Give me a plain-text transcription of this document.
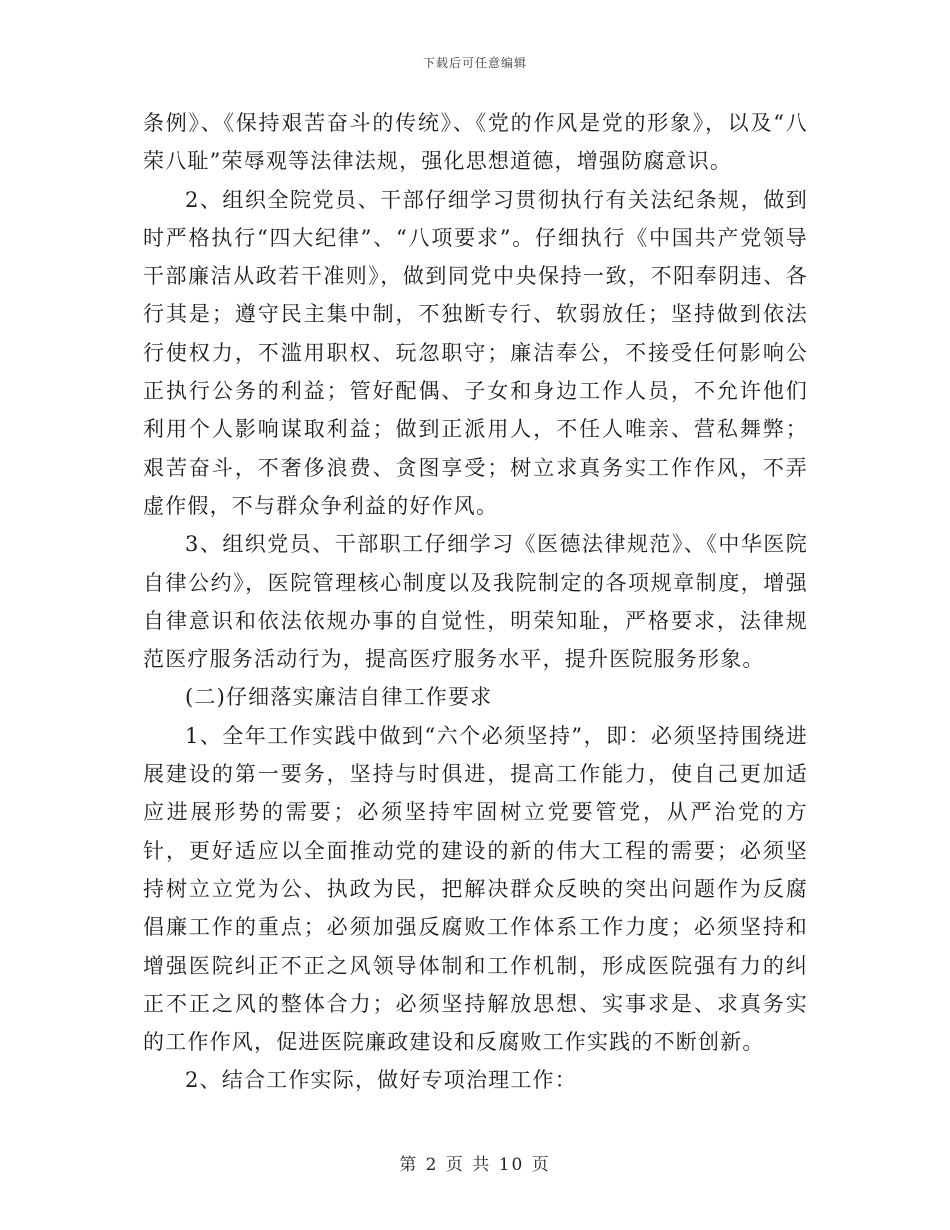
下载后可任意编辑

条例》、《保持艰苦奋斗的传统》、《党的作风是党的形象》，以及“八荣八耻”荣辱观等法律法规，强化思想道德，增强防腐意识。

2、组织全院党员、干部仔细学习贯彻执行有关法纪条规，做到时严格执行“四大纪律”、“八项要求”。仔细执行《中国共产党领导干部廉洁从政若干准则》，做到同党中央保持一致，不阳奉阴违、各行其是；遵守民主集中制，不独断专行、软弱放任；坚持做到依法行使权力，不滥用职权、玩忽职守；廉洁奉公，不接受任何影响公正执行公务的利益；管好配偶、子女和身边工作人员，不允许他们利用个人影响谋取利益；做到正派用人，不任人唯亲、营私舞弊；艰苦奋斗，不奢侈浪费、贪图享受；树立求真务实工作作风，不弄虚作假，不与群众争利益的好作风。

3、组织党员、干部职工仔细学习《医德法律规范》、《中华医院自律公约》，医院管理核心制度以及我院制定的各项规章制度，增强自律意识和依法依规办事的自觉性，明荣知耻，严格要求，法律规范医疗服务活动行为，提高医疗服务水平，提升医院服务形象。

(二)仔细落实廉洁自律工作要求

1、全年工作实践中做到“六个必须坚持”，即：必须坚持围绕进展建设的第一要务，坚持与时俱进，提高工作能力，使自己更加适应进展形势的需要；必须坚持牢固树立党要管党，从严治党的方针，更好适应以全面推动党的建设的新的伟大工程的需要；必须坚持树立立党为公、执政为民，把解决群众反映的突出问题作为反腐倡廉工作的重点；必须加强反腐败工作体系工作力度；必须坚持和增强医院纠正不正之风领导体制和工作机制，形成医院强有力的纠正不正之风的整体合力；必须坚持解放思想、实事求是、求真务实的工作作风，促进医院廉政建设和反腐败工作实践的不断创新。

2、结合工作实际，做好专项治理工作：

第 2 页 共 10 页
